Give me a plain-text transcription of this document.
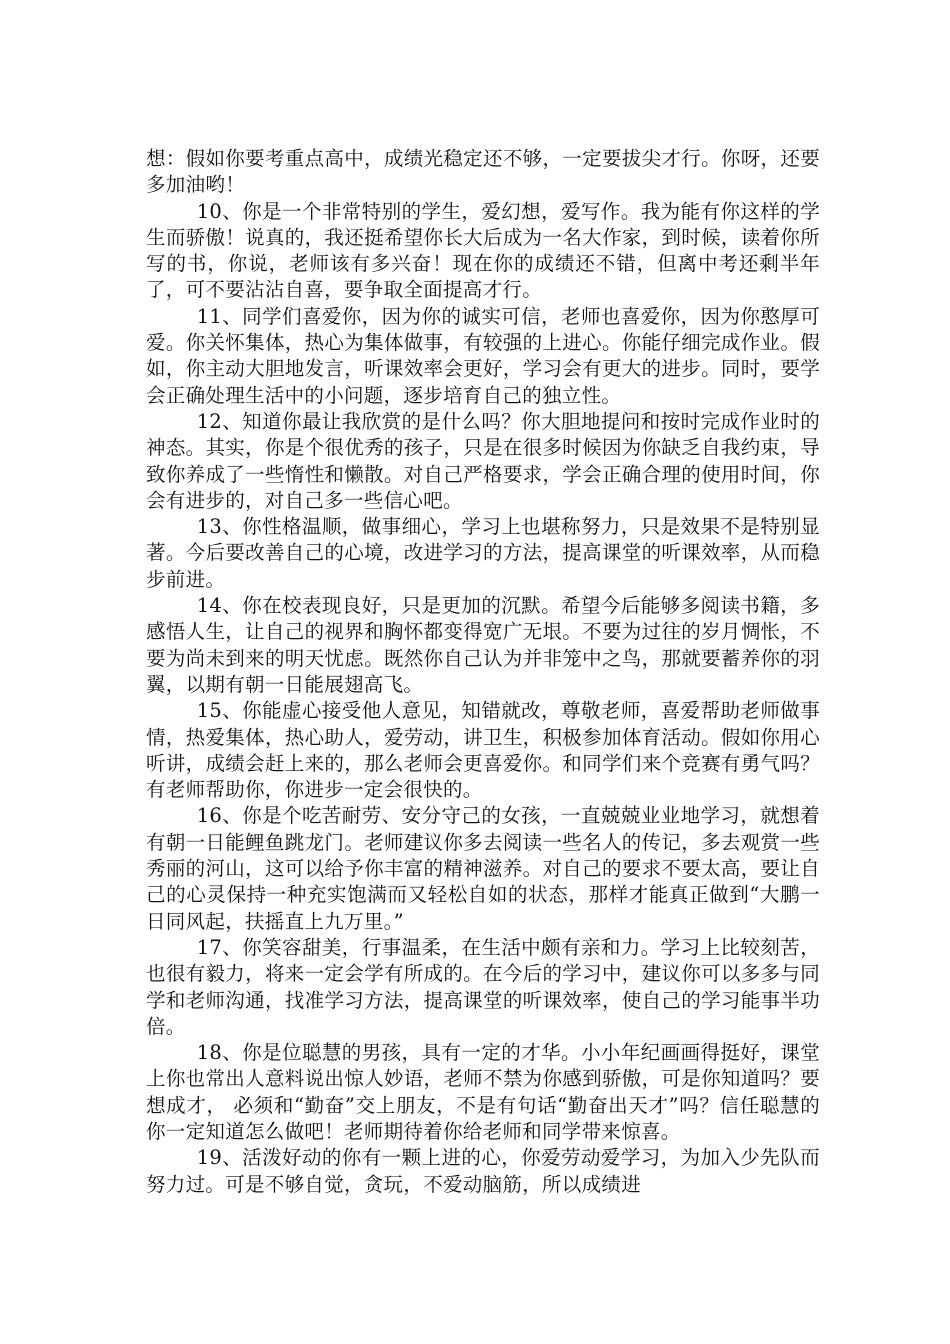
想：假如你要考重点高中，成绩光稳定还不够，一定要拔尖才行。你呀，还要多加油哟！

10、你是一个非常特别的学生，爱幻想，爱写作。我为能有你这样的学生而骄傲！说真的，我还挺希望你长大后成为一名大作家，到时候，读着你所写的书，你说，老师该有多兴奋！现在你的成绩还不错，但离中考还剩半年了，可不要沾沾自喜，要争取全面提高才行。

11、同学们喜爱你，因为你的诚实可信，老师也喜爱你，因为你憨厚可爱。你关怀集体，热心为集体做事，有较强的上进心。你能仔细完成作业。假如，你主动大胆地发言，听课效率会更好，学习会有更大的进步。同时，要学会正确处理生活中的小问题，逐步培育自己的独立性。

12、知道你最让我欣赏的是什么吗？你大胆地提问和按时完成作业时的神态。其实，你是个很优秀的孩子，只是在很多时候因为你缺乏自我约束，导致你养成了一些惰性和懒散。对自己严格要求，学会正确合理的使用时间，你会有进步的，对自己多一些信心吧。

13、你性格温顺，做事细心，学习上也堪称努力，只是效果不是特别显著。今后要改善自己的心境，改进学习的方法，提高课堂的听课效率，从而稳步前进。

14、你在校表现良好，只是更加的沉默。希望今后能够多阅读书籍，多感悟人生，让自己的视界和胸怀都变得宽广无垠。不要为过往的岁月惆怅，不要为尚未到来的明天忧虑。既然你自己认为并非笼中之鸟，那就要蓄养你的羽翼，以期有朝一日能展翅高飞。

15、你能虚心接受他人意见，知错就改，尊敬老师，喜爱帮助老师做事情，热爱集体，热心助人，爱劳动，讲卫生，积极参加体育活动。假如你用心听讲，成绩会赶上来的，那么老师会更喜爱你。和同学们来个竞赛有勇气吗？有老师帮助你，你进步一定会很快的。

16、你是个吃苦耐劳、安分守己的女孩，一直兢兢业业地学习，就想着有朝一日能鲤鱼跳龙门。老师建议你多去阅读一些名人的传记，多去观赏一些秀丽的河山，这可以给予你丰富的精神滋养。对自己的要求不要太高，要让自己的心灵保持一种充实饱满而又轻松自如的状态，那样才能真正做到“大鹏一日同风起，扶摇直上九万里。”

17、你笑容甜美，行事温柔，在生活中颇有亲和力。学习上比较刻苦，也很有毅力，将来一定会学有所成的。在今后的学习中，建议你可以多多与同学和老师沟通，找准学习方法，提高课堂的听课效率，使自己的学习能事半功倍。

18、你是位聪慧的男孩，具有一定的才华。小小年纪画画得挺好，课堂上你也常出人意料说出惊人妙语，老师不禁为你感到骄傲，可是你知道吗？要想成才， 必须和“勤奋”交上朋友，不是有句话“勤奋出天才”吗？信任聪慧的你一定知道怎么做吧！老师期待着你给老师和同学带来惊喜。

19、活泼好动的你有一颗上进的心，你爱劳动爱学习，为加入少先队而努力过。可是不够自觉，贪玩，不爱动脑筋，所以成绩进
